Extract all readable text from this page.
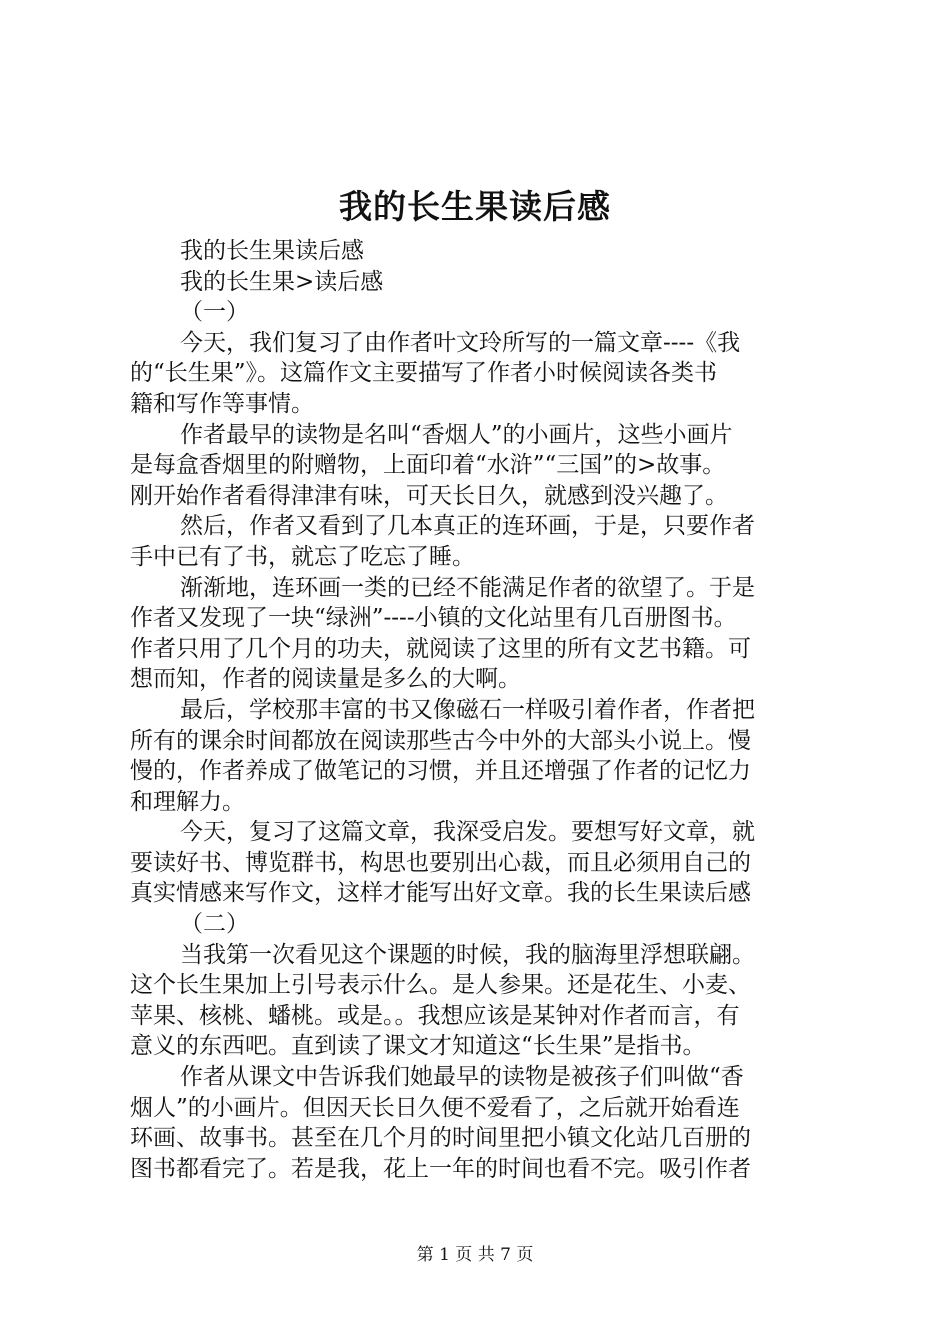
我的长生果读后感
我的长生果读后感
我的长生果>读后感
（一）
今天，我们复习了由作者叶文玲所写的一篇文章----《我
的“长生果”》。这篇作文主要描写了作者小时候阅读各类书
籍和写作等事情。
作者最早的读物是名叫“香烟人”的小画片，这些小画片
是每盒香烟里的附赠物，上面印着“水浒”“三国”的>故事。
刚开始作者看得津津有味，可天长日久，就感到没兴趣了。
然后，作者又看到了几本真正的连环画，于是，只要作者
手中已有了书，就忘了吃忘了睡。
渐渐地，连环画一类的已经不能满足作者的欲望了。于是
作者又发现了一块“绿洲”----小镇的文化站里有几百册图书。
作者只用了几个月的功夫，就阅读了这里的所有文艺书籍。可
想而知，作者的阅读量是多么的大啊。
最后，学校那丰富的书又像磁石一样吸引着作者，作者把
所有的课余时间都放在阅读那些古今中外的大部头小说上。慢
慢的，作者养成了做笔记的习惯，并且还增强了作者的记忆力
和理解力。
今天，复习了这篇文章，我深受启发。要想写好文章，就
要读好书、博览群书，构思也要别出心裁，而且必须用自己的
真实情感来写作文，这样才能写出好文章。我的长生果读后感
（二）
当我第一次看见这个课题的时候，我的脑海里浮想联翩。
这个长生果加上引号表示什么。是人参果。还是花生、小麦、
苹果、核桃、蟠桃。或是。。我想应该是某钟对作者而言，有
意义的东西吧。直到读了课文才知道这“长生果”是指书。
作者从课文中告诉我们她最早的读物是被孩子们叫做“香
烟人”的小画片。但因天长日久便不爱看了，之后就开始看连
环画、故事书。甚至在几个月的时间里把小镇文化站几百册的
图书都看完了。若是我，花上一年的时间也看不完。吸引作者
第 1 页 共 7 页
